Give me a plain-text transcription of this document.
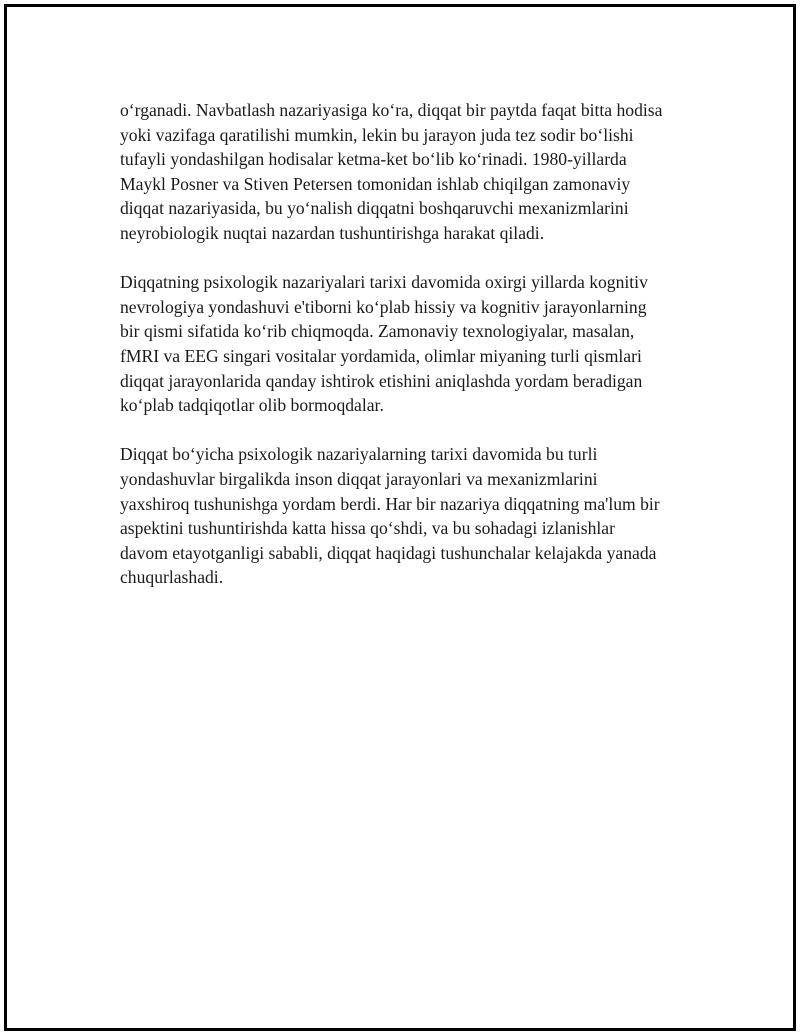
o‘rganadi. Navbatlash nazariyasiga ko‘ra, diqqat bir paytda faqat bitta hodisa
yoki vazifaga qaratilishi mumkin, lekin bu jarayon juda tez sodir bo‘lishi
tufayli yondashilgan hodisalar ketma-ket bo‘lib ko‘rinadi. 1980-yillarda
Maykl Posner va Stiven Petersen tomonidan ishlab chiqilgan zamonaviy
diqqat nazariyasida, bu yo‘nalish diqqatni boshqaruvchi mexanizmlarini
neyrobiologik nuqtai nazardan tushuntirishga harakat qiladi.

Diqqatning psixologik nazariyalari tarixi davomida oxirgi yillarda kognitiv
nevrologiya yondashuvi e'tiborni ko‘plab hissiy va kognitiv jarayonlarning
bir qismi sifatida ko‘rib chiqmoqda. Zamonaviy texnologiyalar, masalan,
fMRI va EEG singari vositalar yordamida, olimlar miyaning turli qismlari
diqqat jarayonlarida qanday ishtirok etishini aniqlashda yordam beradigan
ko‘plab tadqiqotlar olib bormoqdalar.

Diqqat bo‘yicha psixologik nazariyalarning tarixi davomida bu turli
yondashuvlar birgalikda inson diqqat jarayonlari va mexanizmlarini
yaxshiroq tushunishga yordam berdi. Har bir nazariya diqqatning ma'lum bir
aspektini tushuntirishda katta hissa qo‘shdi, va bu sohadagi izlanishlar
davom etayotganligi sababli, diqqat haqidagi tushunchalar kelajakda yanada
chuqurlashadi.
